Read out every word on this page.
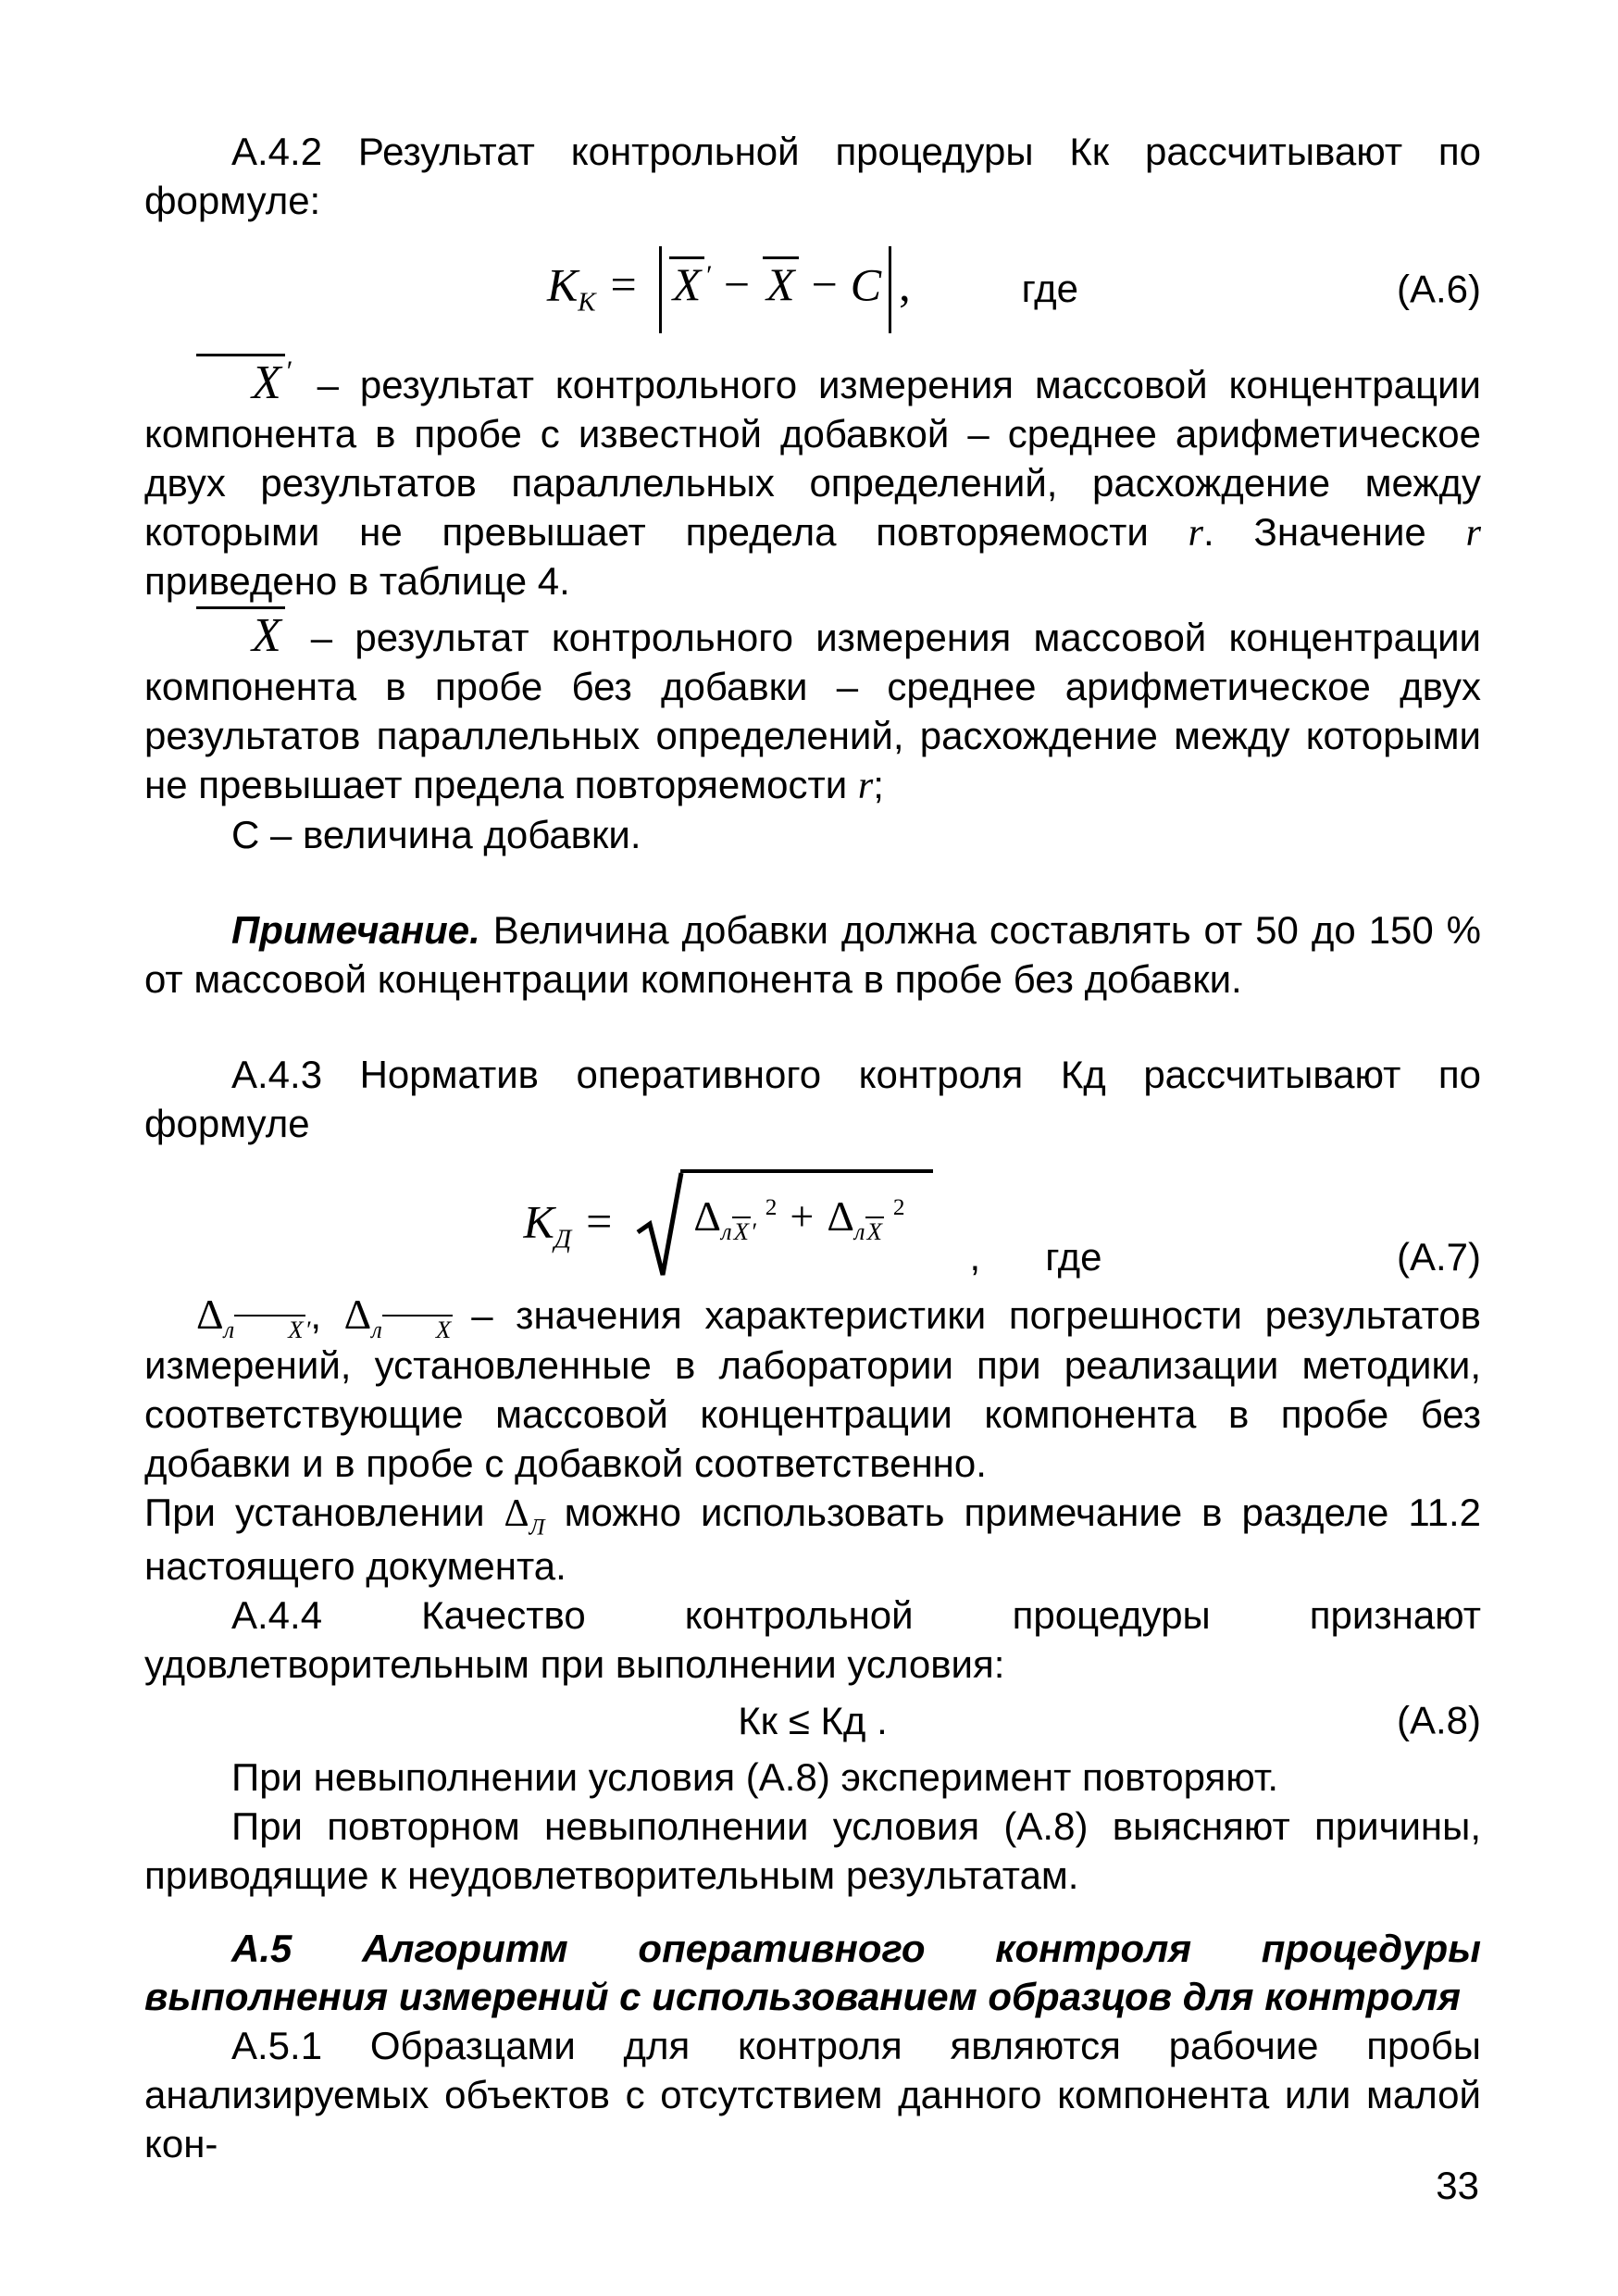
А.4.2 Результат контрольной процедуры Кк рассчитывают по формуле:

$К_К = X$ ′ − X − C ,	где	(А.6)

X ′ – результат контрольного измерения массовой концентрации компонента в пробе с известной добавкой – среднее арифметическое двух результатов параллельных определений, расхождение между которыми не превышает предела повторяемости r. Значение r приведено в таблице 4.

X – результат контрольного измерения массовой концентрации компонента в пробе без добавки – среднее арифметическое двух результатов параллельных определений, расхождение между которыми не превышает предела повторяемости r;

С – величина добавки.

Примечание. Величина добавки должна составлять от 50 до 150 % от массовой концентрации компонента в пробе без добавки.

А.4.3 Норматив оперативного контроля Кд рассчитывают по формуле

$К_Д$ =	$\Delta_{лX'}^2 + \Delta_{лX}^2$
, где	(А.7)

$\Delta_{л X'}$, $\Delta_{л X}$ – значения характеристики погрешности результатов измерений, установленные в лаборатории при реализации методики, соответствующие массовой концентрации компонента в пробе без добавки и в пробе с добавкой соответственно.

При установлении $\Delta_Л$ можно использовать примечание в разделе 11.2 настоящего документа.

А.4.4 Качество контрольной процедуры признают удовлетворительным при выполнении условия:

Кк ≤ Кд .	(А.8)

При невыполнении условия (А.8) эксперимент повторяют.

При повторном невыполнении условия (А.8) выясняют причины, приводящие к неудовлетворительным результатам.

А.5 Алгоритм оперативного контроля процедуры

выполнения измерений с использованием образцов для контроля

А.5.1 Образцами для контроля являются рабочие пробы анализируемых объектов с отсутствием данного компонента или малой кон-

33
